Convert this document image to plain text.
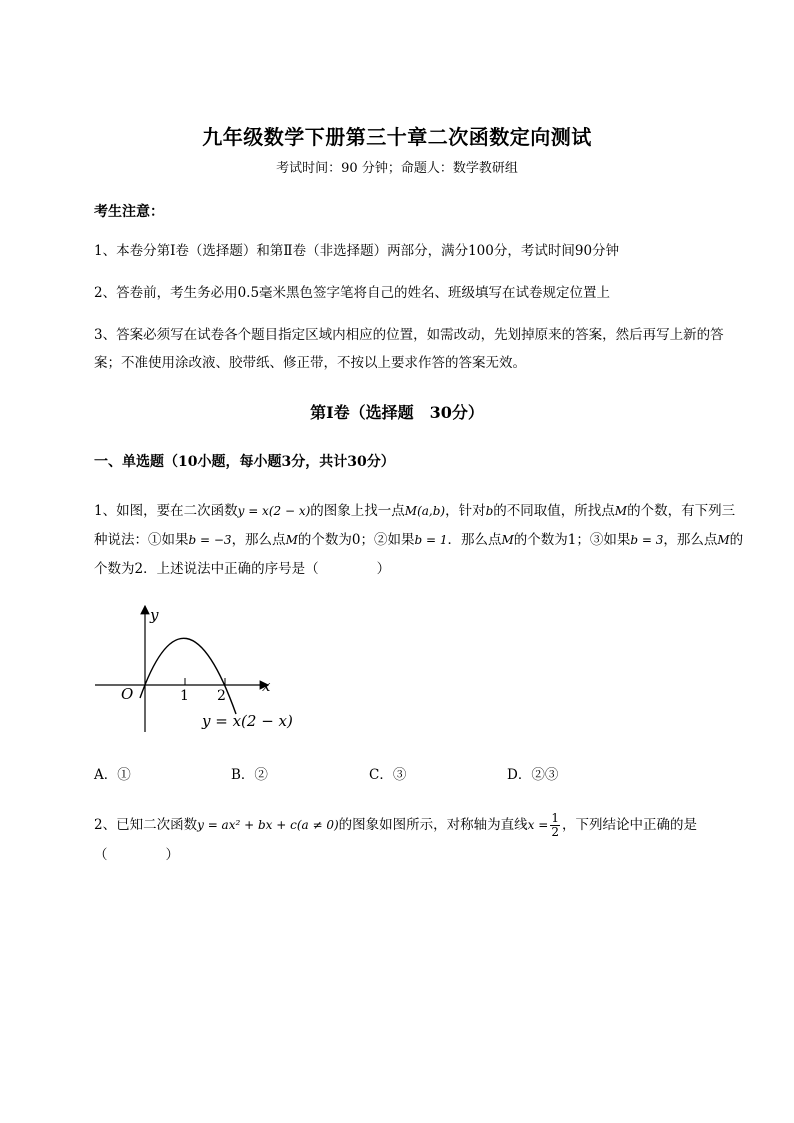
九年级数学下册第三十章二次函数定向测试
考试时间：90 分钟；命题人：数学教研组
考生注意：
1、本卷分第Ⅰ卷（选择题）和第Ⅱ卷（非选择题）两部分，满分100分，考试时间90分钟
2、答卷前，考生务必用0.5毫米黑色签字笔将自己的姓名、班级填写在试卷规定位置上
3、答案必须写在试卷各个题目指定区域内相应的位置，如需改动，先划掉原来的答案，然后再写上新的答案；不准使用涂改液、胶带纸、修正带，不按以上要求作答的答案无效。
第Ⅰ卷（选择题　30分）
一、单选题（10小题，每小题3分，共计30分）
1、如图，要在二次函数y = x(2 − x)的图象上找一点M(a,b)，针对b的不同取值，所找点M的个数，有下列三种说法：①如果b = −3，那么点M的个数为0；②如果b = 1．那么点M的个数为1；③如果b = 3，那么点M的个数为2．上述说法中正确的序号是（	）
y
x
O	1 2
y = x(2 − x)
A．①	B．②	C．③	D．②③
2、已知二次函数y = ax² + bx + c(a ≠ 0)的图象如图所示，对称轴为直线$x = \frac{1}{2}$ ，下列结论中正确的是
（	）
